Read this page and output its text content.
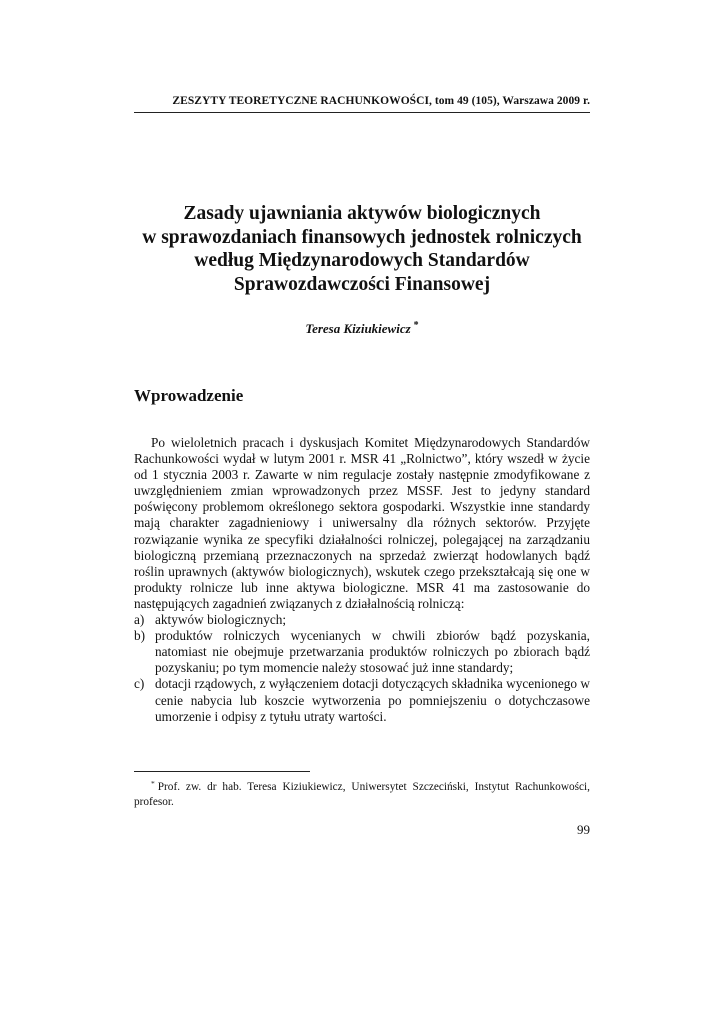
ZESZYTY TEORETYCZNE RACHUNKOWOŚCI, tom 49 (105), Warszawa 2009 r.
Zasady ujawniania aktywów biologicznych
w sprawozdaniach finansowych jednostek rolniczych
według Międzynarodowych Standardów
Sprawozdawczości Finansowej
Teresa Kiziukiewicz *
Wprowadzenie

Po wieloletnich pracach i dyskusjach Komitet Międzynarodowych Standardów Rachunkowości wydał w lutym 2001 r. MSR 41 „Rolnictwo”, który wszedł w życie od 1 stycznia 2003 r. Zawarte w nim regulacje zostały następnie zmodyfikowane z uwzględnieniem zmian wprowadzonych przez MSSF. Jest to jedyny standard poświęcony problemom określonego sektora gospodarki. Wszystkie inne standardy mają charakter zagadnieniowy i uniwersalny dla różnych sektorów. Przyjęte rozwiązanie wynika ze specyfiki działalności rolniczej, polegającej na zarządzaniu biologiczną przemianą przeznaczonych na sprzedaż zwierząt hodowlanych bądź roślin uprawnych (aktywów biologicznych), wskutek czego przekształcają się one w produkty rolnicze lub inne aktywa biologiczne. MSR 41 ma zastosowanie do następujących zagadnień związanych z działalnością rolniczą:

a) aktywów biologicznych;
b) produktów rolniczych wycenianych w chwili zbiorów bądź pozyskania, natomiast nie obejmuje przetwarzania produktów rolniczych po zbiorach bądź pozyskaniu; po tym momencie należy stosować już inne standardy;
c) dotacji rządowych, z wyłączeniem dotacji dotyczących składnika wycenionego w cenie nabycia lub koszcie wytworzenia po pomniejszeniu o dotychczasowe umorzenie i odpisy z tytułu utraty wartości.
* Prof. zw. dr hab. Teresa Kiziukiewicz, Uniwersytet Szczeciński, Instytut Rachunkowości, profesor.
99
